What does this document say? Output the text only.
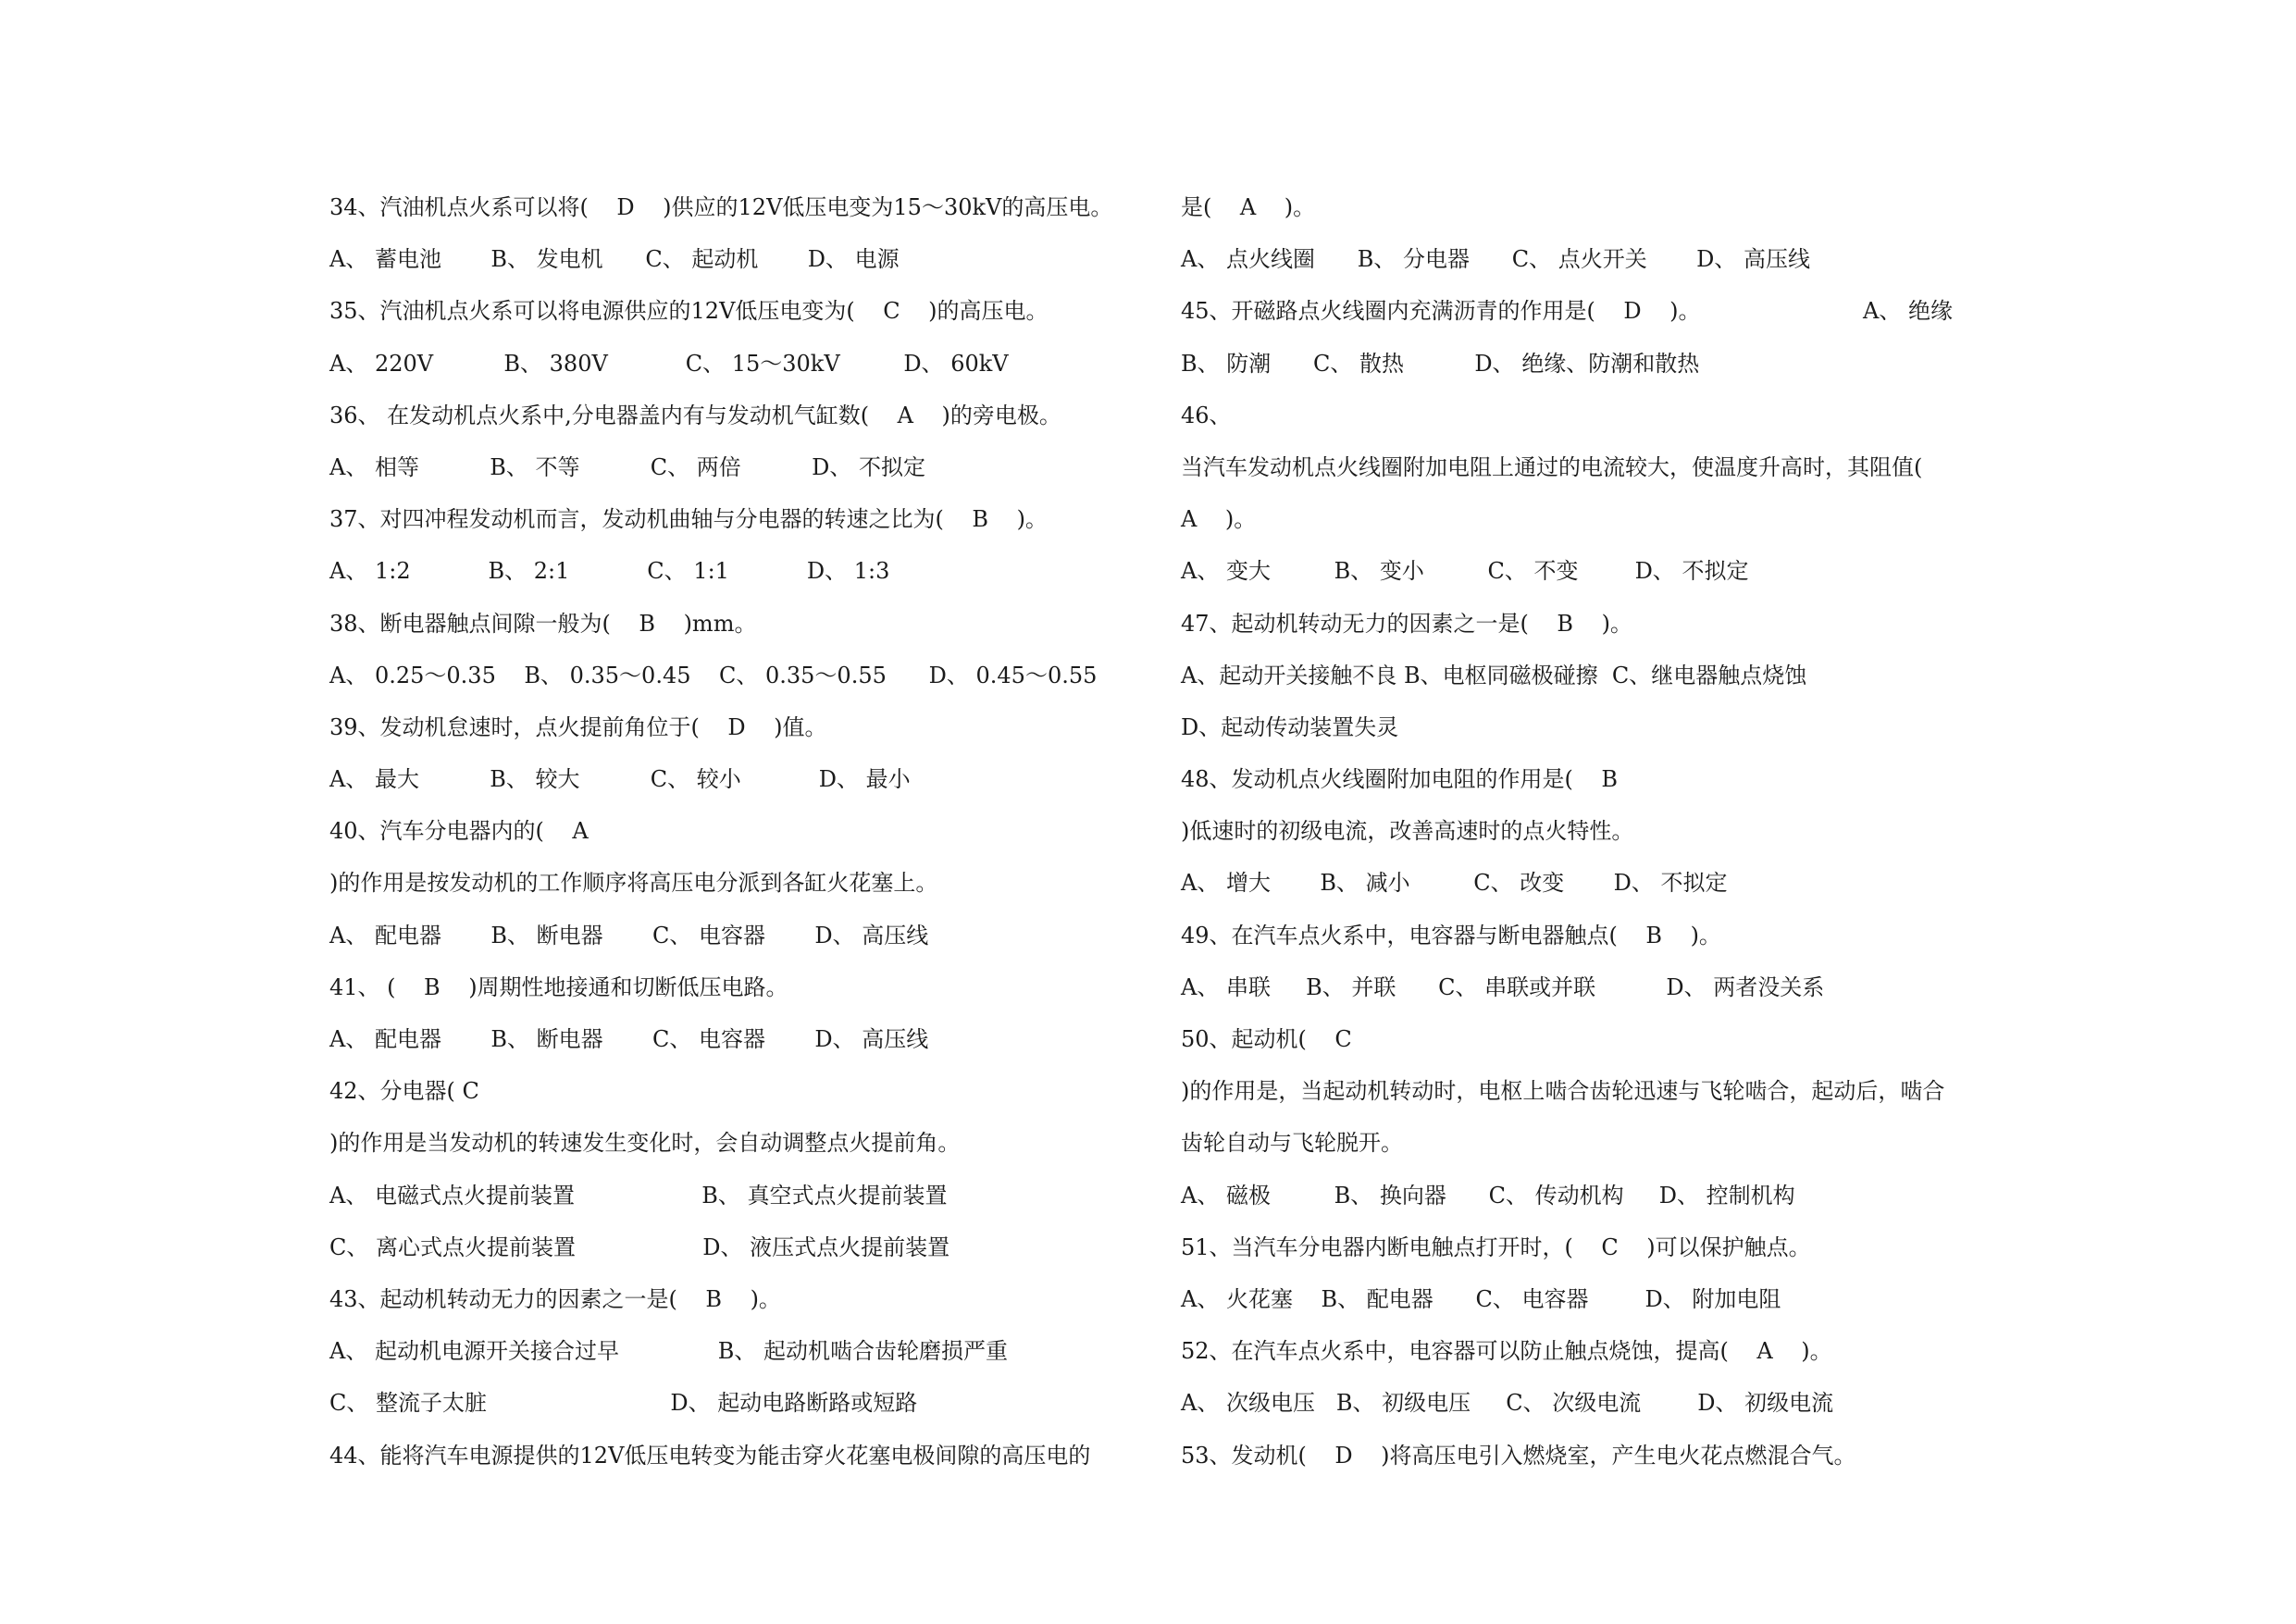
34、汽油机点火系可以将(    D    )供应的12V低压电变为15～30kV的高压电。
A、 蓄电池       B、 发电机      C、 起动机       D、 电源
35、汽油机点火系可以将电源供应的12V低压电变为(    C    )的高压电。
A、 220V          B、 380V           C、 15～30kV         D、 60kV
36、 在发动机点火系中,分电器盖内有与发动机气缸数(    A    )的旁电极。
A、 相等          B、 不等          C、 两倍          D、 不拟定
37、对四冲程发动机而言，发动机曲轴与分电器的转速之比为(    B    )。
A、 1:2           B、 2:1           C、 1:1           D、 1:3
38、断电器触点间隙一般为(    B    )mm。
A、 0.25～0.35    B、 0.35～0.45    C、 0.35～0.55      D、 0.45～0.55
39、发动机怠速时，点火提前角位于(    D    )值。
A、 最大          B、 较大          C、 较小           D、 最小
40、汽车分电器内的(    A
)的作用是按发动机的工作顺序将高压电分派到各缸火花塞上。
A、 配电器       B、 断电器       C、 电容器       D、 高压线
41、 (    B    )周期性地接通和切断低压电路。
A、 配电器       B、 断电器       C、 电容器       D、 高压线
42、分电器( C
)的作用是当发动机的转速发生变化时，会自动调整点火提前角。
A、 电磁式点火提前装置                  B、 真空式点火提前装置
C、 离心式点火提前装置                  D、 液压式点火提前装置
43、起动机转动无力的因素之一是(    B    )。
A、 起动机电源开关接合过早              B、 起动机啮合齿轮磨损严重
C、 整流子太脏                          D、 起动电路断路或短路
44、能将汽车电源提供的12V低压电转变为能击穿火花塞电极间隙的高压电的
是(    A    )。
A、 点火线圈      B、 分电器      C、 点火开关       D、 高压线
45、开磁路点火线圈内充满沥青的作用是(    D    )。                       A、 绝缘
B、 防潮      C、 散热          D、 绝缘、防潮和散热
46、
当汽车发动机点火线圈附加电阻上通过的电流较大，使温度升高时，其阻值(
A    )。
A、 变大         B、 变小         C、 不变        D、 不拟定
47、起动机转动无力的因素之一是(    B    )。
A、起动开关接触不良 B、电枢同磁极碰擦  C、继电器触点烧蚀
D、起动传动装置失灵
48、发动机点火线圈附加电阻的作用是(    B
)低速时的初级电流，改善高速时的点火特性。
A、 增大       B、 减小         C、 改变       D、 不拟定
49、在汽车点火系中，电容器与断电器触点(    B    )。
A、 串联     B、 并联      C、 串联或并联          D、 两者没关系
50、起动机(    C
)的作用是，当起动机转动时，电枢上啮合齿轮迅速与飞轮啮合，起动后，啮合
齿轮自动与飞轮脱开。
A、 磁极         B、 换向器      C、 传动机构     D、 控制机构
51、当汽车分电器内断电触点打开时，(    C    )可以保护触点。
A、 火花塞    B、 配电器      C、 电容器        D、 附加电阻
52、在汽车点火系中，电容器可以防止触点烧蚀，提高(    A    )。
A、 次级电压   B、 初级电压     C、 次级电流        D、 初级电流
53、发动机(    D    )将高压电引入燃烧室，产生电火花点燃混合气。
